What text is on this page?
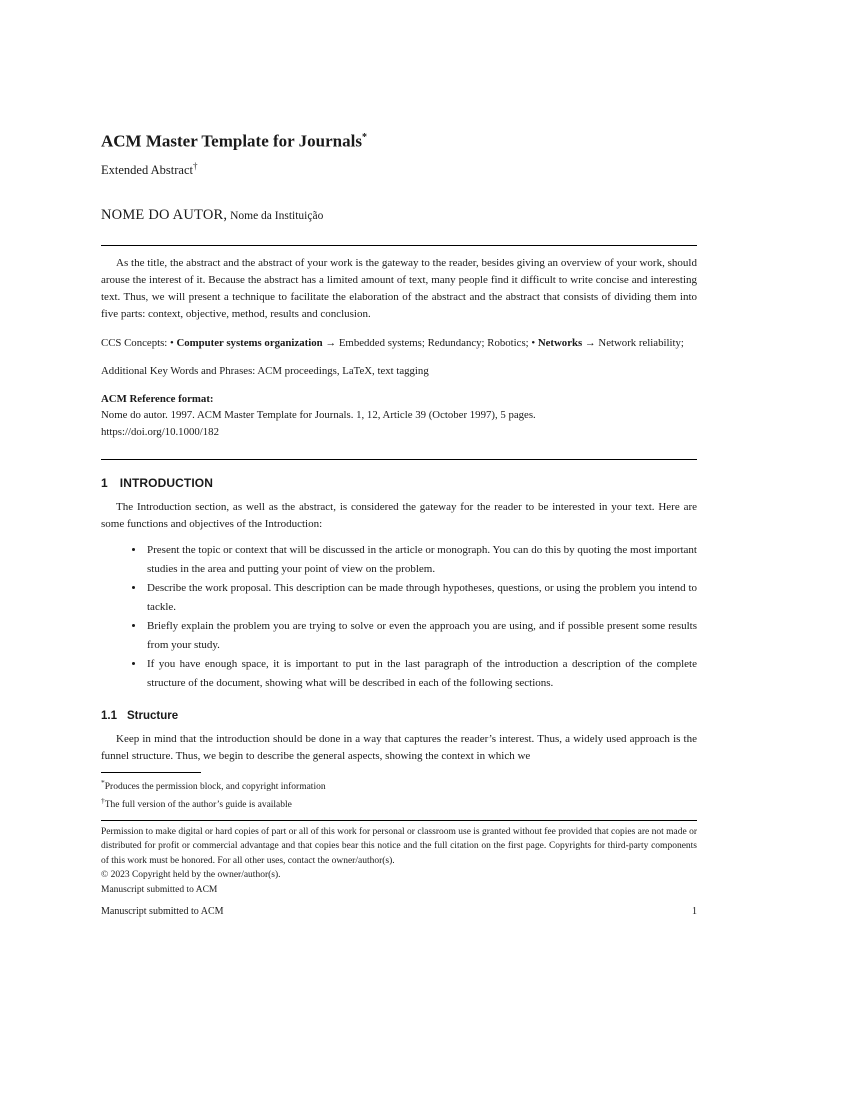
ACM Master Template for Journals*
Extended Abstract†
NOME DO AUTOR, Nome da Instituição

As the title, the abstract and the abstract of your work is the gateway to the reader, besides giving an overview of your work, should arouse the interest of it. Because the abstract has a limited amount of text, many people find it difficult to write concise and interesting text. Thus, we will present a technique to facilitate the elaboration of the abstract and the abstract that consists of dividing them into five parts: context, objective, method, results and conclusion.

CCS Concepts: • Computer systems organization → Embedded systems; Redundancy; Robotics; • Networks → Network reliability;

Additional Key Words and Phrases: ACM proceedings, LaTeX, text tagging

ACM Reference format:
Nome do autor. 1997. ACM Master Template for Journals. 1, 12, Article 39 (October 1997), 5 pages.
https://doi.org/10.1000/182
1 INTRODUCTION

The Introduction section, as well as the abstract, is considered the gateway for the reader to be interested in your text. Here are some functions and objectives of the Introduction:

• Present the topic or context that will be discussed in the article or monograph. You can do this by quoting the most important studies in the area and putting your point of view on the problem.
• Describe the work proposal. This description can be made through hypotheses, questions, or using the problem you intend to tackle.
• Briefly explain the problem you are trying to solve or even the approach you are using, and if possible present some results from your study.
• If you have enough space, it is important to put in the last paragraph of the introduction a description of the complete structure of the document, showing what will be described in each of the following sections.
1.1 Structure

Keep in mind that the introduction should be done in a way that captures the reader’s interest. Thus, a widely used approach is the funnel structure. Thus, we begin to describe the general aspects, showing the context in which we

*Produces the permission block, and copyright information
†The full version of the author’s guide is available
Permission to make digital or hard copies of part or all of this work for personal or classroom use is granted without fee provided that copies are not made or distributed for profit or commercial advantage and that copies bear this notice and the full citation on the first page. Copyrights for third-party components of this work must be honored. For all other uses, contact the owner/author(s).
© 2023 Copyright held by the owner/author(s).
Manuscript submitted to ACM
Manuscript submitted to ACM	1
